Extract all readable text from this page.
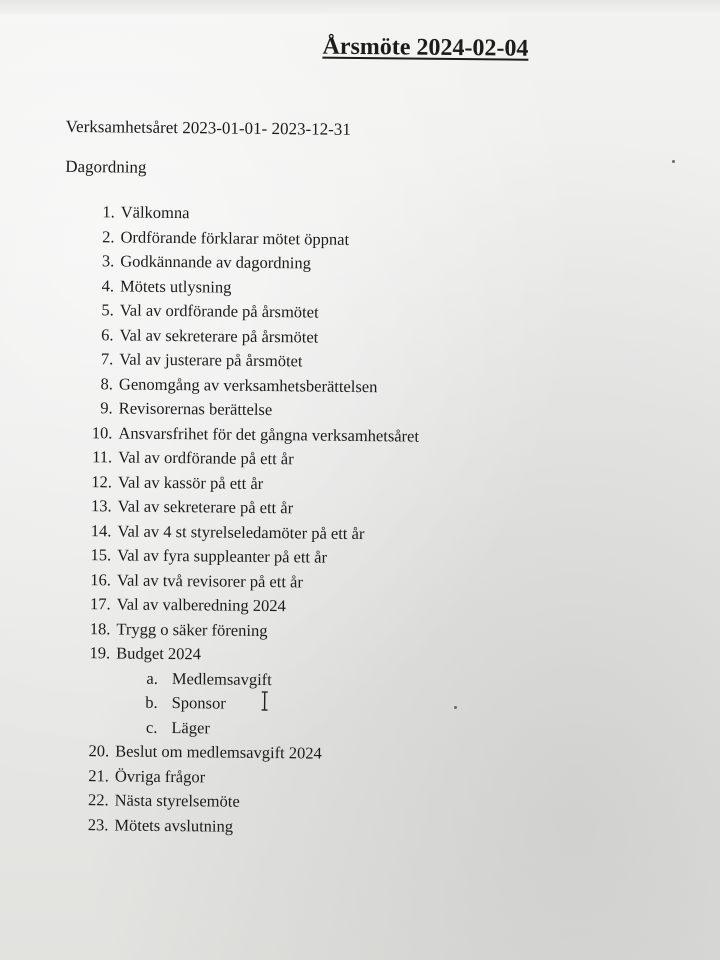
Årsmöte 2024-02-04
Verksamhetsåret 2023-01-01- 2023-12-31
Dagordning
1. Välkomna
2. Ordförande förklarar mötet öppnat
3. Godkännande av dagordning
4. Mötets utlysning
5. Val av ordförande på årsmötet
6. Val av sekreterare på årsmötet
7. Val av justerare på årsmötet
8. Genomgång av verksamhetsberättelsen
9. Revisorernas berättelse
10. Ansvarsfrihet för det gångna verksamhetsåret
11. Val av ordförande på ett år
12. Val av kassör på ett år
13. Val av sekreterare på ett år
14. Val av 4 st styrelseledamöter på ett år
15. Val av fyra suppleanter på ett år
16. Val av två revisorer på ett år
17. Val av valberedning 2024
18. Trygg o säker förening
19. Budget 2024
a. Medlemsavgift
b. Sponsor
c. Läger
20. Beslut om medlemsavgift 2024
21. Övriga frågor
22. Nästa styrelsemöte
23. Mötets avslutning
